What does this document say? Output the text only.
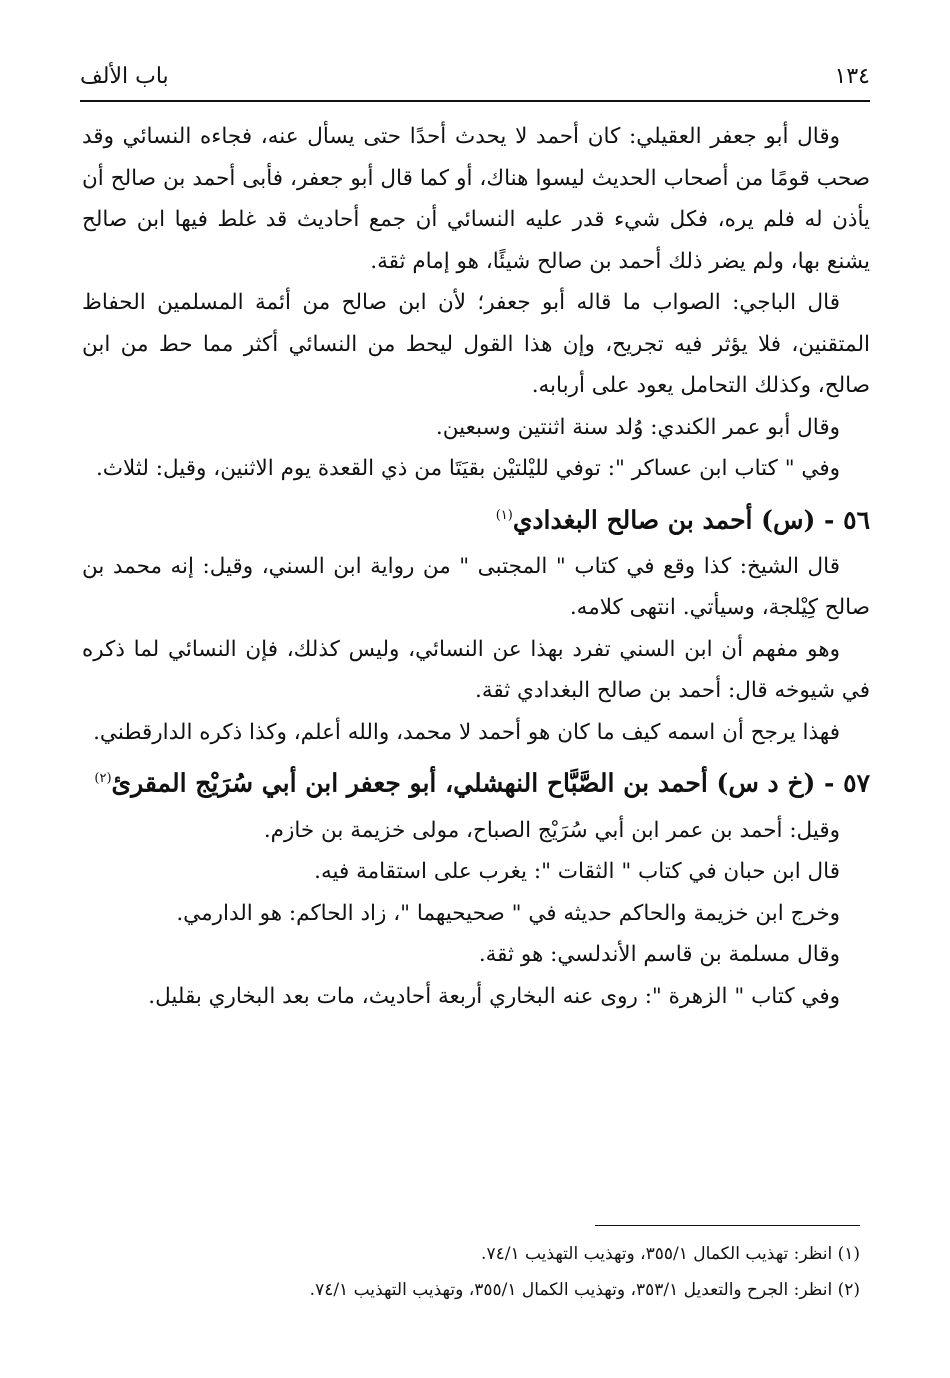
١٣٤
باب الألف

وقال أبو جعفر العقيلي: كان أحمد لا يحدث أحدًا حتى يسأل عنه، فجاءه النسائي وقد صحب قومًا من أصحاب الحديث ليسوا هناك، أو كما قال أبو جعفر، فأبى أحمد بن صالح أن يأذن له فلم يره، فكل شيء قدر عليه النسائي أن جمع أحاديث قد غلط فيها ابن صالح يشنع بها، ولم يضر ذلك أحمد بن صالح شيئًا، هو إمام ثقة.

قال الباجي: الصواب ما قاله أبو جعفر؛ لأن ابن صالح من أئمة المسلمين الحفاظ المتقنين، فلا يؤثر فيه تجريح، وإن هذا القول ليحط من النسائي أكثر مما حط من ابن صالح، وكذلك التحامل يعود على أربابه.

وقال أبو عمر الكندي: وُلد سنة اثنتين وسبعين.

وفي " كتاب ابن عساكر ": توفي لليْلتيْن بقيَتَا من ذي القعدة يوم الاثنين، وقيل: لثلاث.

٥٦ - (س) أحمد بن صالح البغدادي$^{(١)}$

قال الشيخ: كذا وقع في كتاب " المجتبى " من رواية ابن السني، وقيل: إنه محمد بن صالح كِيْلجة، وسيأتي. انتهى كلامه.

وهو مفهم أن ابن السني تفرد بهذا عن النسائي، وليس كذلك، فإن النسائي لما ذكره في شيوخه قال: أحمد بن صالح البغدادي ثقة.

فهذا يرجح أن اسمه كيف ما كان هو أحمد لا محمد، والله أعلم، وكذا ذكره الدارقطني.

٥٧ - (خ د س) أحمد بن الصَّبَّاح النهشلي، أبو جعفر ابن أبي سُرَيْج المقرئ$^{(٢)}$

وقيل: أحمد بن عمر ابن أبي سُرَيْج الصباح، مولى خزيمة بن خازم.

قال ابن حبان في كتاب " الثقات ": يغرب على استقامة فيه.

وخرج ابن خزيمة والحاكم حديثه في " صحيحيهما "، زاد الحاكم: هو الدارمي.

وقال مسلمة بن قاسم الأندلسي: هو ثقة.

وفي كتاب " الزهرة ": روى عنه البخاري أربعة أحاديث، مات بعد البخاري بقليل.

(١) انظر: تهذيب الكمال ٣٥٥/١، وتهذيب التهذيب ٧٤/١.

(٢) انظر: الجرح والتعديل ٣٥٣/١، وتهذيب الكمال ٣٥٥/١، وتهذيب التهذيب ٧٤/١.
